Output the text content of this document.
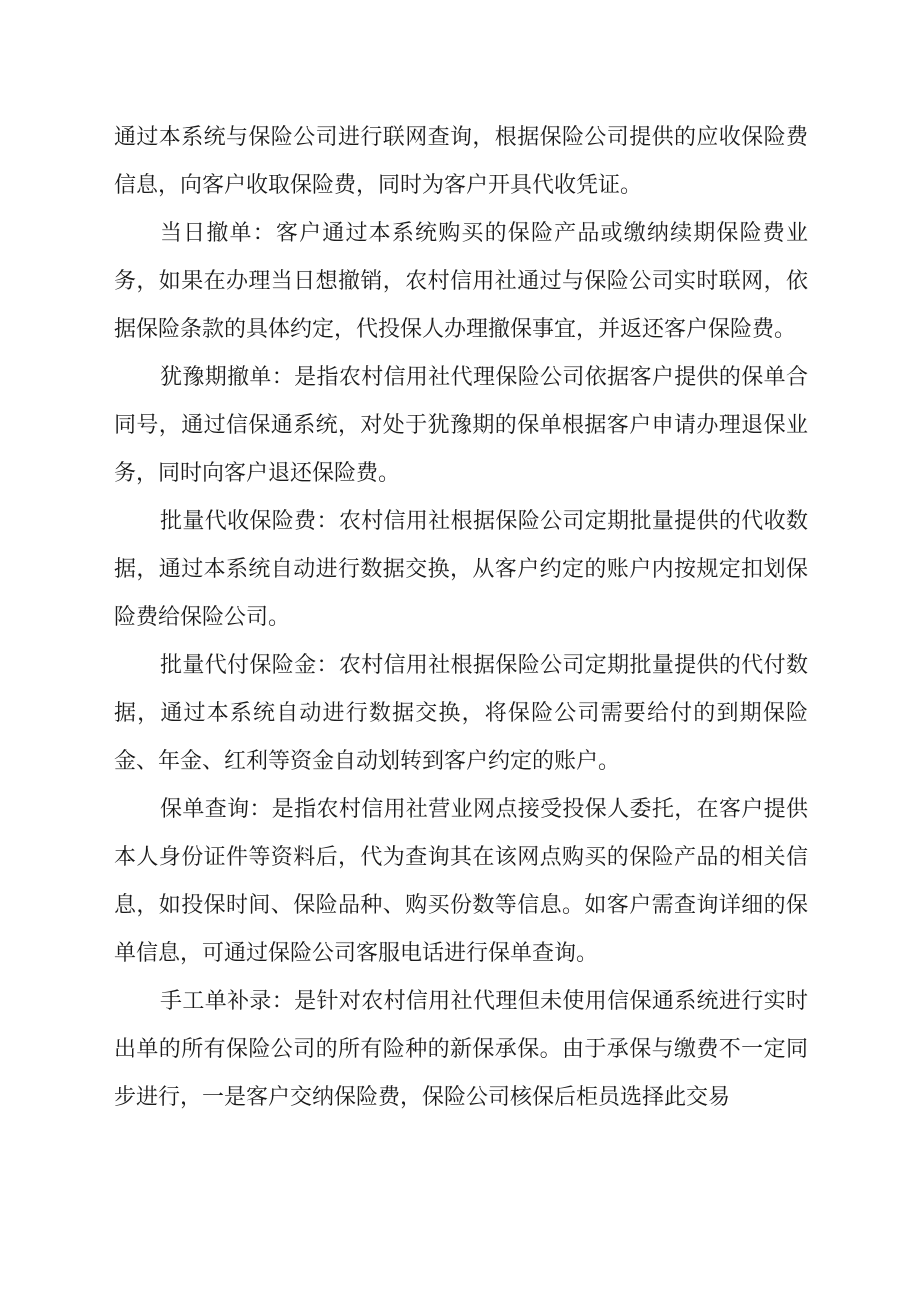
通过本系统与保险公司进行联网查询，根据保险公司提供的应收保险费信息，向客户收取保险费，同时为客户开具代收凭证。

当日撤单：客户通过本系统购买的保险产品或缴纳续期保险费业务，如果在办理当日想撤销，农村信用社通过与保险公司实时联网，依据保险条款的具体约定，代投保人办理撤保事宜，并返还客户保险费。

犹豫期撤单：是指农村信用社代理保险公司依据客户提供的保单合同号，通过信保通系统，对处于犹豫期的保单根据客户申请办理退保业务，同时向客户退还保险费。

批量代收保险费：农村信用社根据保险公司定期批量提供的代收数据，通过本系统自动进行数据交换，从客户约定的账户内按规定扣划保险费给保险公司。

批量代付保险金：农村信用社根据保险公司定期批量提供的代付数据，通过本系统自动进行数据交换，将保险公司需要给付的到期保险金、年金、红利等资金自动划转到客户约定的账户。

保单查询：是指农村信用社营业网点接受投保人委托，在客户提供本人身份证件等资料后，代为查询其在该网点购买的保险产品的相关信息，如投保时间、保险品种、购买份数等信息。如客户需查询详细的保单信息，可通过保险公司客服电话进行保单查询。

手工单补录：是针对农村信用社代理但未使用信保通系统进行实时出单的所有保险公司的所有险种的新保承保。由于承保与缴费不一定同步进行，一是客户交纳保险费，保险公司核保后柜员选择此交易
